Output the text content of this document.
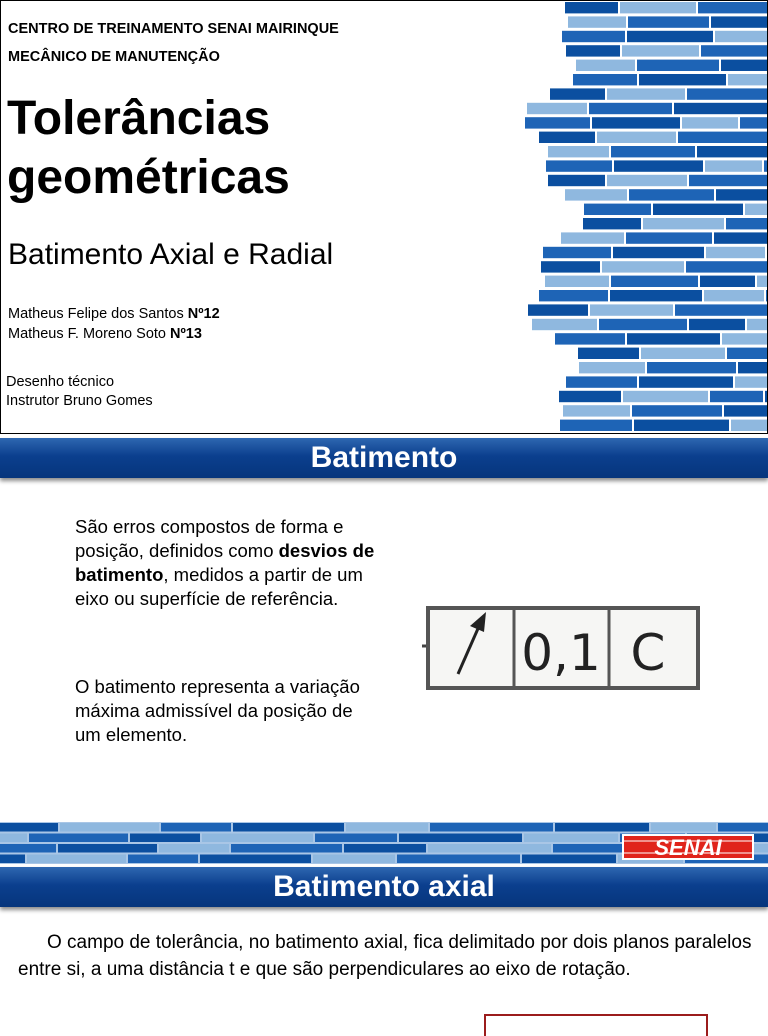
CENTRO DE TREINAMENTO SENAI MAIRINQUE
MECÂNICO DE MANUTENÇÃO
Tolerâncias
geométricas
Batimento Axial e Radial
Matheus Felipe dos Santos Nº12
Matheus F. Moreno Soto Nº13
Desenho técnico
Instrutor Bruno Gomes
Batimento
São erros compostos de forma e posição, definidos como desvios de batimento, medidos a partir de um eixo ou superfície de referência.
O batimento representa a variação máxima admissível da posição de um elemento.
0,1 C
SENAI
Batimento axial
O campo de tolerância, no batimento axial, fica delimitado por dois planos paralelos entre si, a uma distância t e que são perpendiculares ao eixo de rotação.
